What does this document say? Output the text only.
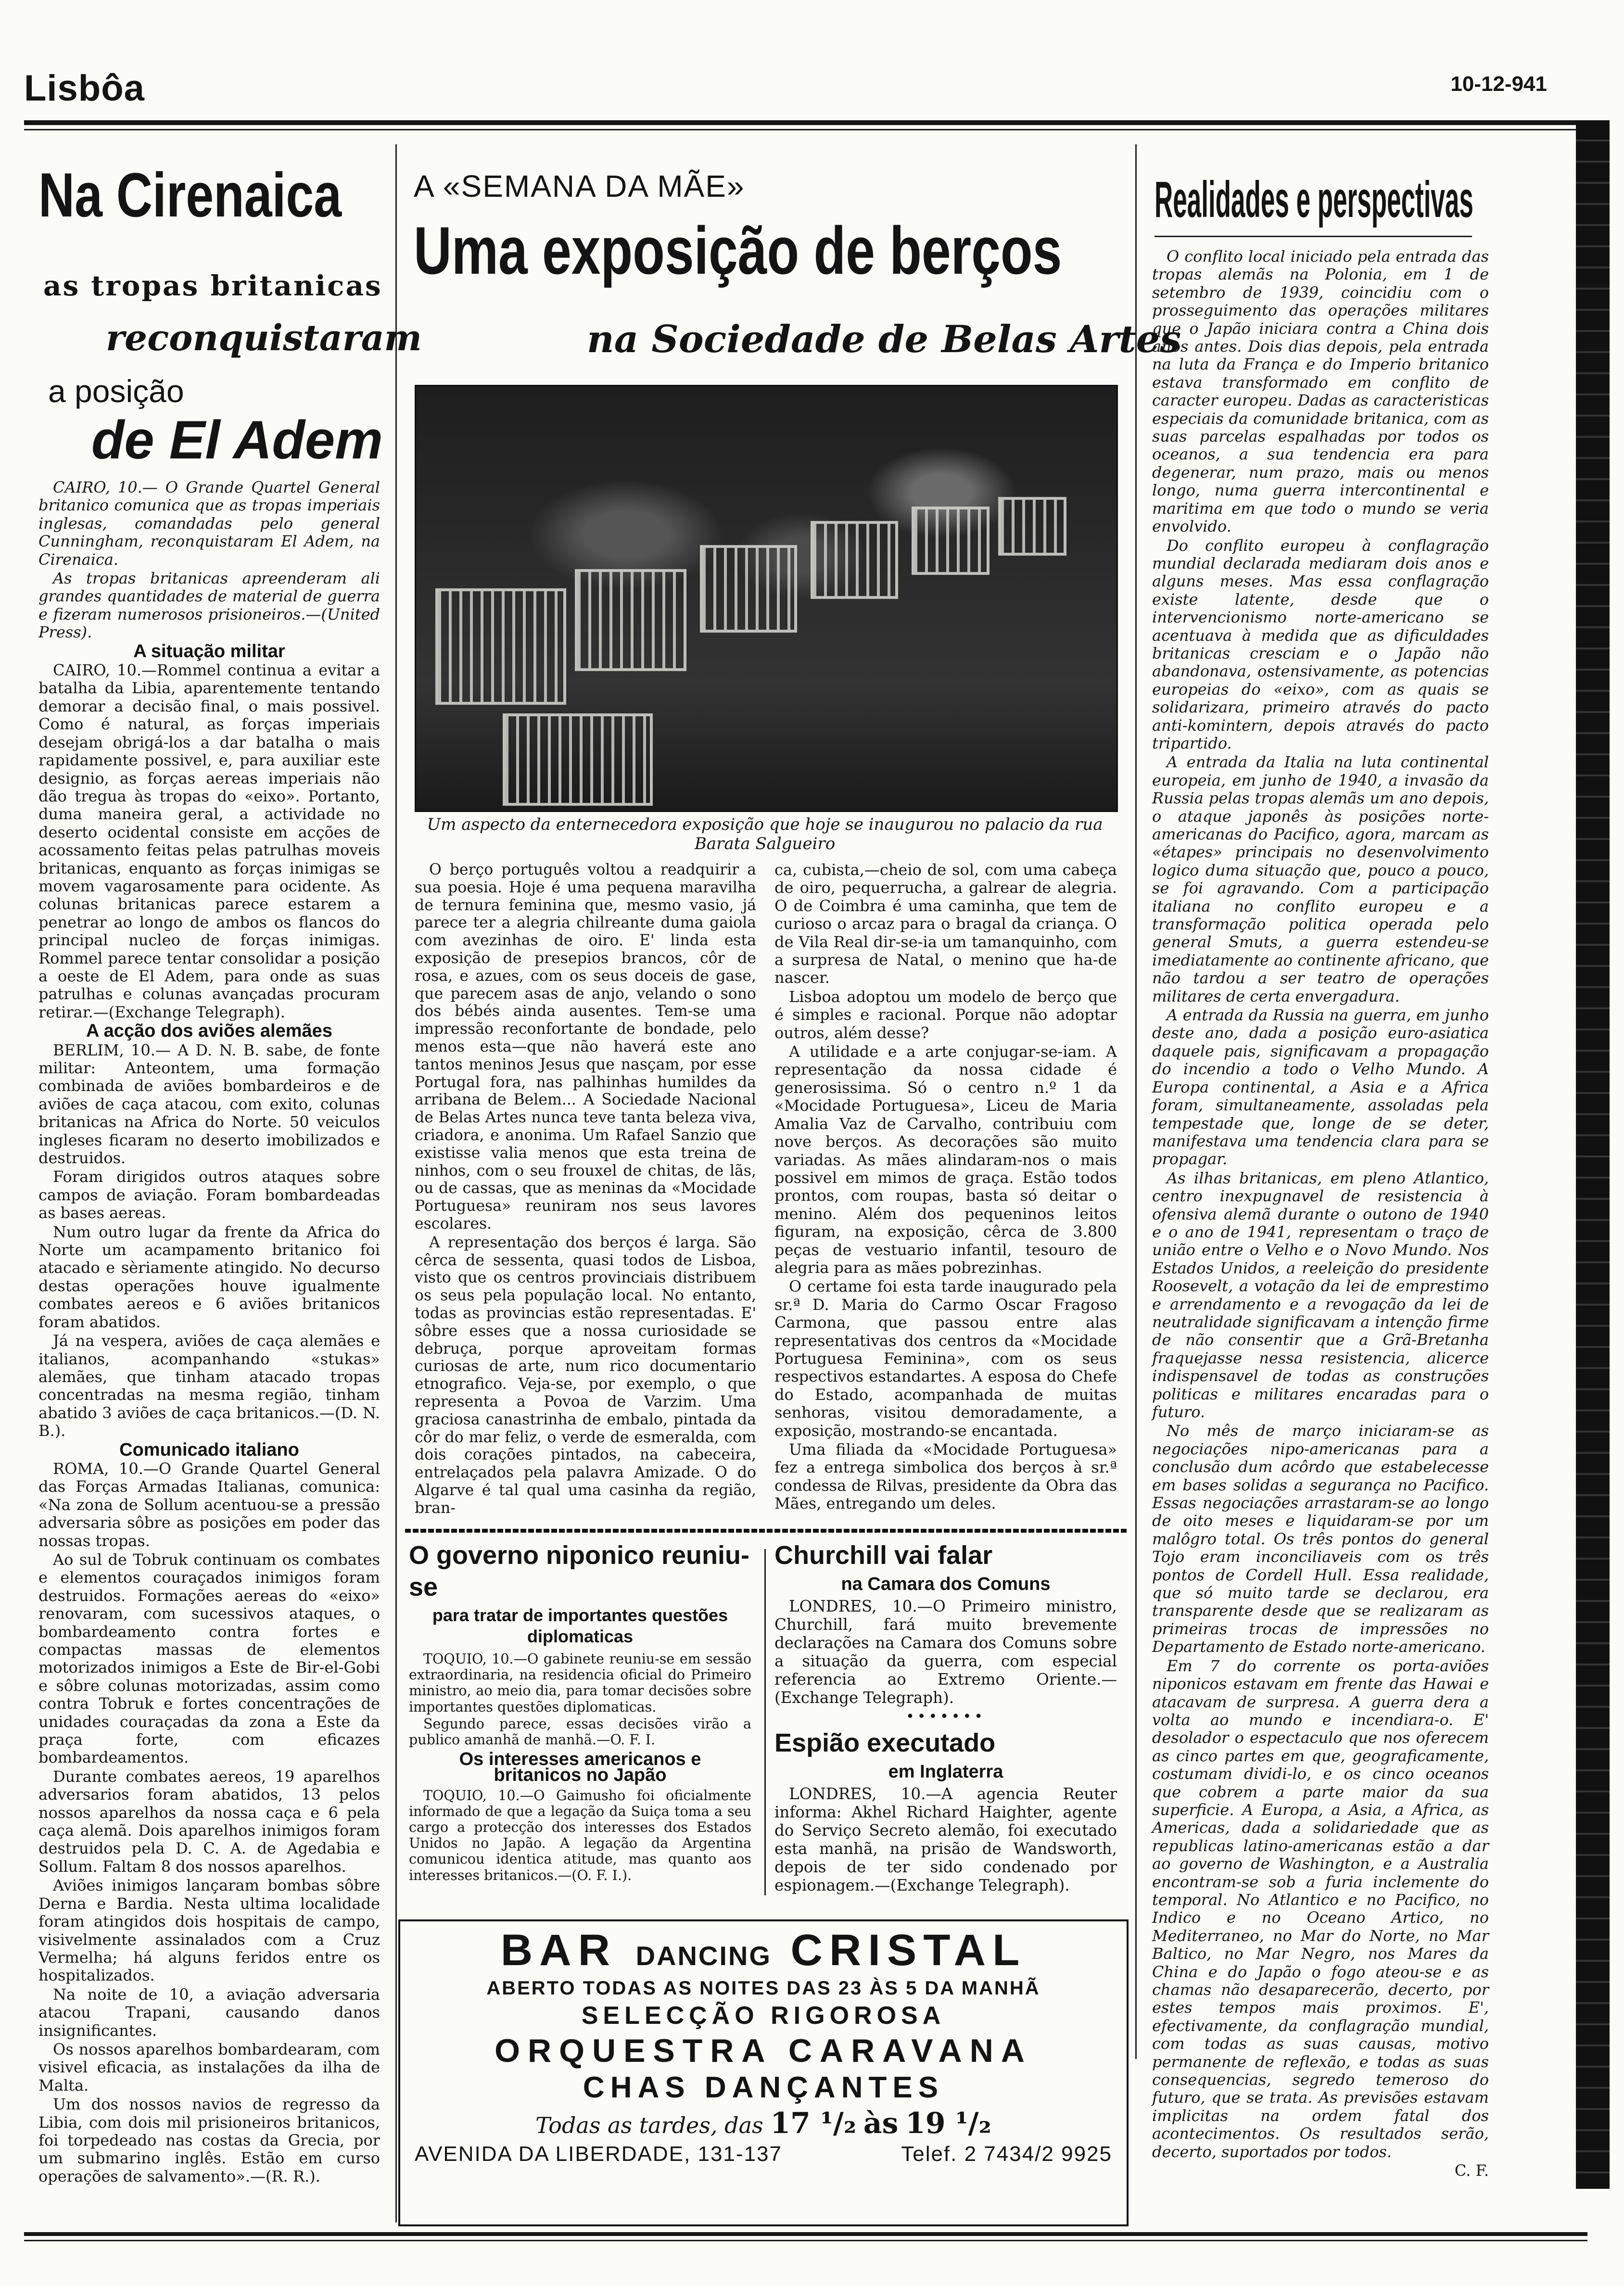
Lisbôa	10-12-941
Na Cirenaica
as tropas britanicas
reconquistaram
a posição
de El Adem

CAIRO, 10.— O Grande Quartel General britanico comunica que as tropas imperiais inglesas, comandadas pelo general Cunningham, reconquistaram El Adem, na Cirenaica.

As tropas britanicas apreenderam ali grandes quantidades de material de guerra e fizeram numerosos prisioneiros.—(United Press).

A situação militar

CAIRO, 10.—Rommel continua a evitar a batalha da Libia, aparentemente tentando demorar a decisão final, o mais possivel. Como é natural, as forças imperiais desejam obrigá-los a dar batalha o mais rapidamente possivel, e, para auxiliar este designio, as forças aereas imperiais não dão tregua às tropas do «eixo». Portanto, duma maneira geral, a actividade no deserto ocidental consiste em acções de acossamento feitas pelas patrulhas moveis britanicas, enquanto as forças inimigas se movem vagarosamente para ocidente. As colunas britanicas parece estarem a penetrar ao longo de ambos os flancos do principal nucleo de forças inimigas. Rommel parece tentar consolidar a posição a oeste de El Adem, para onde as suas patrulhas e colunas avançadas procuram retirar.—(Exchange Telegraph).

A acção dos aviões alemães

BERLIM, 10.— A D. N. B. sabe, de fonte militar: Anteontem, uma formação combinada de aviões bombardeiros e de aviões de caça atacou, com exito, colunas britanicas na Africa do Norte. 50 veiculos ingleses ficaram no deserto imobilizados e destruidos.

Foram dirigidos outros ataques sobre campos de aviação. Foram bombardeadas as bases aereas.

Num outro lugar da frente da Africa do Norte um acampamento britanico foi atacado e sèriamente atingido. No decurso destas operações houve igualmente combates aereos e 6 aviões britanicos foram abatidos.

Já na vespera, aviões de caça alemães e italianos, acompanhando «stukas» alemães, que tinham atacado tropas concentradas na mesma região, tinham abatido 3 aviões de caça britanicos.—(D. N. B.).

Comunicado italiano

ROMA, 10.—O Grande Quartel General das Forças Armadas Italianas, comunica: «Na zona de Sollum acentuou-se a pressão adversaria sôbre as posições em poder das nossas tropas.

Ao sul de Tobruk continuam os combates e elementos couraçados inimigos foram destruidos. Formações aereas do «eixo» renovaram, com sucessivos ataques, o bombardeamento contra fortes e compactas massas de elementos motorizados inimigos a Este de Bir-el-Gobi e sôbre colunas motorizadas, assim como contra Tobruk e fortes concentrações de unidades couraçadas da zona a Este da praça forte, com eficazes bombardeamentos.

Durante combates aereos, 19 aparelhos adversarios foram abatidos, 13 pelos nossos aparelhos da nossa caça e 6 pela caça alemã. Dois aparelhos inimigos foram destruidos pela D. C. A. de Agedabia e Sollum. Faltam 8 dos nossos aparelhos.

Aviões inimigos lançaram bombas sôbre Derna e Bardia. Nesta ultima localidade foram atingidos dois hospitais de campo, visivelmente assinalados com a Cruz Vermelha; há alguns feridos entre os hospitalizados.

Na noite de 10, a aviação adversaria atacou Trapani, causando danos insignificantes.

Os nossos aparelhos bombardearam, com visivel eficacia, as instalações da ilha de Malta.

Um dos nossos navios de regresso da Libia, com dois mil prisioneiros britanicos, foi torpedeado nas costas da Grecia, por um submarino inglês. Estão em curso operações de salvamento».—(R. R.).

A «SEMANA DA MÃE»
Uma exposição de berços
na Sociedade de Belas Artes
Um aspecto da enternecedora exposição que hoje se inaugurou no palacio da rua Barata Salgueiro

O berço português voltou a readquirir a sua poesia. Hoje é uma pequena maravilha de ternura feminina que, mesmo vasio, já parece ter a alegria chilreante duma gaiola com avezinhas de oiro. E' linda esta exposição de presepios brancos, côr de rosa, e azues, com os seus doceis de gase, que parecem asas de anjo, velando o sono dos bébés ainda ausentes. Tem-se uma impressão reconfortante de bondade, pelo menos esta—que não haverá este ano tantos meninos Jesus que nasçam, por esse Portugal fora, nas palhinhas humildes da arribana de Belem... A Sociedade Nacional de Belas Artes nunca teve tanta beleza viva, criadora, e anonima. Um Rafael Sanzio que existisse valia menos que esta treina de ninhos, com o seu frouxel de chitas, de lãs, ou de cassas, que as meninas da «Mocidade Portuguesa» reuniram nos seus lavores escolares.

A representação dos berços é larga. São cêrca de sessenta, quasi todos de Lisboa, visto que os centros provinciais distribuem os seus pela população local. No entanto, todas as provincias estão representadas. E' sôbre esses que a nossa curiosidade se debruça, porque aproveitam formas curiosas de arte, num rico documentario etnografico. Veja-se, por exemplo, o que representa a Povoa de Varzim. Uma graciosa canastrinha de embalo, pintada da côr do mar feliz, o verde de esmeralda, com dois corações pintados, na cabeceira, entrelaçados pela palavra Amizade. O do Algarve é tal qual uma casinha da região, bran-

ca, cubista,—cheio de sol, com uma cabeça de oiro, pequerrucha, a galrear de alegria. O de Coimbra é uma caminha, que tem de curioso o arcaz para o bragal da criança. O de Vila Real dir-se-ia um tamanquinho, com a surpresa de Natal, o menino que ha-de nascer.

Lisboa adoptou um modelo de berço que é simples e racional. Porque não adoptar outros, além desse?

A utilidade e a arte conjugar-se-iam. A representação da nossa cidade é generosissima. Só o centro n.º 1 da «Mocidade Portuguesa», Liceu de Maria Amalia Vaz de Carvalho, contribuiu com nove berços. As decorações são muito variadas. As mães alindaram-nos o mais possivel em mimos de graça. Estão todos prontos, com roupas, basta só deitar o menino. Além dos pequeninos leitos figuram, na exposição, cêrca de 3.800 peças de vestuario infantil, tesouro de alegria para as mães pobrezinhas.

O certame foi esta tarde inaugurado pela sr.ª D. Maria do Carmo Oscar Fragoso Carmona, que passou entre alas representativas dos centros da «Mocidade Portuguesa Feminina», com os seus respectivos estandartes. A esposa do Chefe do Estado, acompanhada de muitas senhoras, visitou demoradamente, a exposição, mostrando-se encantada.

Uma filiada da «Mocidade Portuguesa» fez a entrega simbolica dos berços à sr.ª condessa de Rilvas, presidente da Obra das Mães, entregando um deles.

O governo niponico reuniu-se
para tratar de importantes questões diplomaticas

TOQUIO, 10.—O gabinete reuniu-se em sessão extraordinaria, na residencia oficial do Primeiro ministro, ao meio dia, para tomar decisões sobre importantes questões diplomaticas.

Segundo parece, essas decisões virão a publico amanhã de manhã.—O. F. I.

Os interesses americanos e britanicos no Japão

TOQUIO, 10.—O Gaimusho foi oficialmente informado de que a legação da Suiça toma a seu cargo a protecção dos interesses dos Estados Unidos no Japão. A legação da Argentina comunicou identica atitude, mas quanto aos interesses britanicos.—(O. F. I.).

Churchill vai falar
na Camara dos Comuns

LONDRES, 10.—O Primeiro ministro, Churchill, fará muito brevemente declarações na Camara dos Comuns sobre a situação da guerra, com especial referencia ao Extremo Oriente.—(Exchange Telegraph).

•••••••

Espião executado
em Inglaterra

LONDRES, 10.—A agencia Reuter informa: Akhel Richard Haighter, agente do Serviço Secreto alemão, foi executado esta manhã, na prisão de Wandsworth, depois de ter sido condenado por espionagem.—(Exchange Telegraph).

BAR DANCING CRISTAL
ABERTO TODAS AS NOITES DAS 23 ÀS 5 DA MANHÃ
SELECÇÃO RIGOROSA
ORQUESTRA CARAVANA
CHAS DANÇANTES
Todas as tardes, das 17 ¹/₂ às 19 ¹/₂
AVENIDA DA LIBERDADE, 131-137	Telef. 2 7434/2 9925
Realidades e perspectivas

O conflito local iniciado pela entrada das tropas alemãs na Polonia, em 1 de setembro de 1939, coincidiu com o prosseguimento das operações militares que o Japão iniciara contra a China dois anos antes. Dois dias depois, pela entrada na luta da França e do Imperio britanico estava transformado em conflito de caracter europeu. Dadas as caracteristicas especiais da comunidade britanica, com as suas parcelas espalhadas por todos os oceanos, a sua tendencia era para degenerar, num prazo, mais ou menos longo, numa guerra intercontinental e maritima em que todo o mundo se veria envolvido.

Do conflito europeu à conflagração mundial declarada mediaram dois anos e alguns meses. Mas essa conflagração existe latente, desde que o intervencionismo norte-americano se acentuava à medida que as dificuldades britanicas cresciam e o Japão não abandonava, ostensivamente, as potencias europeias do «eixo», com as quais se solidarizara, primeiro através do pacto anti-komintern, depois através do pacto tripartido.

A entrada da Italia na luta continental europeia, em junho de 1940, a invasão da Russia pelas tropas alemãs um ano depois, o ataque japonês às posições norte-americanas do Pacifico, agora, marcam as «étapes» principais no desenvolvimento logico duma situação que, pouco a pouco, se foi agravando. Com a participação italiana no conflito europeu e a transformação politica operada pelo general Smuts, a guerra estendeu-se imediatamente ao continente africano, que não tardou a ser teatro de operações militares de certa envergadura.

A entrada da Russia na guerra, em junho deste ano, dada a posição euro-asiatica daquele pais, significavam a propagação do incendio a todo o Velho Mundo. A Europa continental, a Asia e a Africa foram, simultaneamente, assoladas pela tempestade que, longe de se deter, manifestava uma tendencia clara para se propagar.

As ilhas britanicas, em pleno Atlantico, centro inexpugnavel de resistencia à ofensiva alemã durante o outono de 1940 e o ano de 1941, representam o traço de união entre o Velho e o Novo Mundo. Nos Estados Unidos, a reeleição do presidente Roosevelt, a votação da lei de emprestimo e arrendamento e a revogação da lei de neutralidade significavam a intenção firme de não consentir que a Grã-Bretanha fraquejasse nessa resistencia, alicerce indispensavel de todas as construções politicas e militares encaradas para o futuro.

No mês de março iniciaram-se as negociações nipo-americanas para a conclusão dum acôrdo que estabelecesse em bases solidas a segurança no Pacifico. Essas negociações arrastaram-se ao longo de oito meses e liquidaram-se por um malôgro total. Os três pontos do general Tojo eram inconciliaveis com os três pontos de Cordell Hull. Essa realidade, que só muito tarde se declarou, era transparente desde que se realizaram as primeiras trocas de impressões no Departamento de Estado norte-americano.

Em 7 do corrente os porta-aviões niponicos estavam em frente das Hawai e atacavam de surpresa. A guerra dera a volta ao mundo e incendiara-o. E' desolador o espectaculo que nos oferecem as cinco partes em que, geograficamente, costumam dividi-lo, e os cinco oceanos que cobrem a parte maior da sua superficie. A Europa, a Asia, a Africa, as Americas, dada a solidariedade que as republicas latino-americanas estão a dar ao governo de Washington, e a Australia encontram-se sob a furia inclemente do temporal. No Atlantico e no Pacifico, no Indico e no Oceano Artico, no Mediterraneo, no Mar do Norte, no Mar Baltico, no Mar Negro, nos Mares da China e do Japão o fogo ateou-se e as chamas não desaparecerão, decerto, por estes tempos mais proximos. E', efectivamente, da conflagração mundial, com todas as suas causas, motivo permanente de reflexão, e todas as suas consequencias, segredo temeroso do futuro, que se trata. As previsões estavam implicitas na ordem fatal dos acontecimentos. Os resultados serão, decerto, suportados por todos.

C. F.
